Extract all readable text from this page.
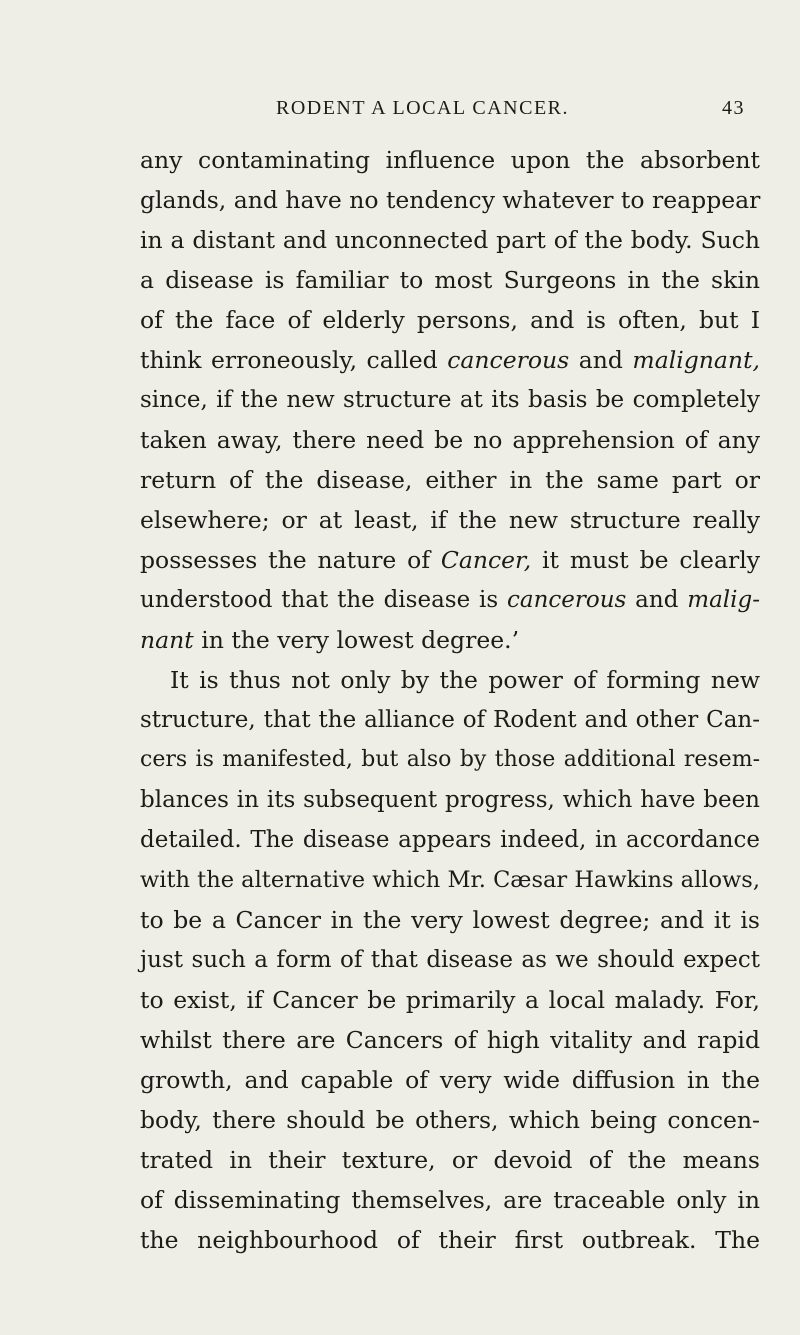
RODENT A LOCAL CANCER.	43
any contaminating influence upon the absorbent
glands, and have no tendency whatever to reappear
in a distant and unconnected part of the body. Such
a disease is familiar to most Surgeons in the skin
of the face of elderly persons, and is often, but I
think erroneously, called cancerous and malignant,
since, if the new structure at its basis be completely
taken away, there need be no apprehension of any
return of the disease, either in the same part or
elsewhere; or at least, if the new structure really
possesses the nature of Cancer, it must be clearly
understood that the disease is cancerous and malig-
nant in the very lowest degree.’
It is thus not only by the power of forming new
structure, that the alliance of Rodent and other Can-
cers is manifested, but also by those additional resem-
blances in its subsequent progress, which have been
detailed. The disease appears indeed, in accordance
with the alternative which Mr. Cæsar Hawkins allows,
to be a Cancer in the very lowest degree; and it is
just such a form of that disease as we should expect
to exist, if Cancer be primarily a local malady. For,
whilst there are Cancers of high vitality and rapid
growth, and capable of very wide diffusion in the
body, there should be others, which being concen-
trated in their texture, or devoid of the means
of disseminating themselves, are traceable only in
the neighbourhood of their first outbreak. The
